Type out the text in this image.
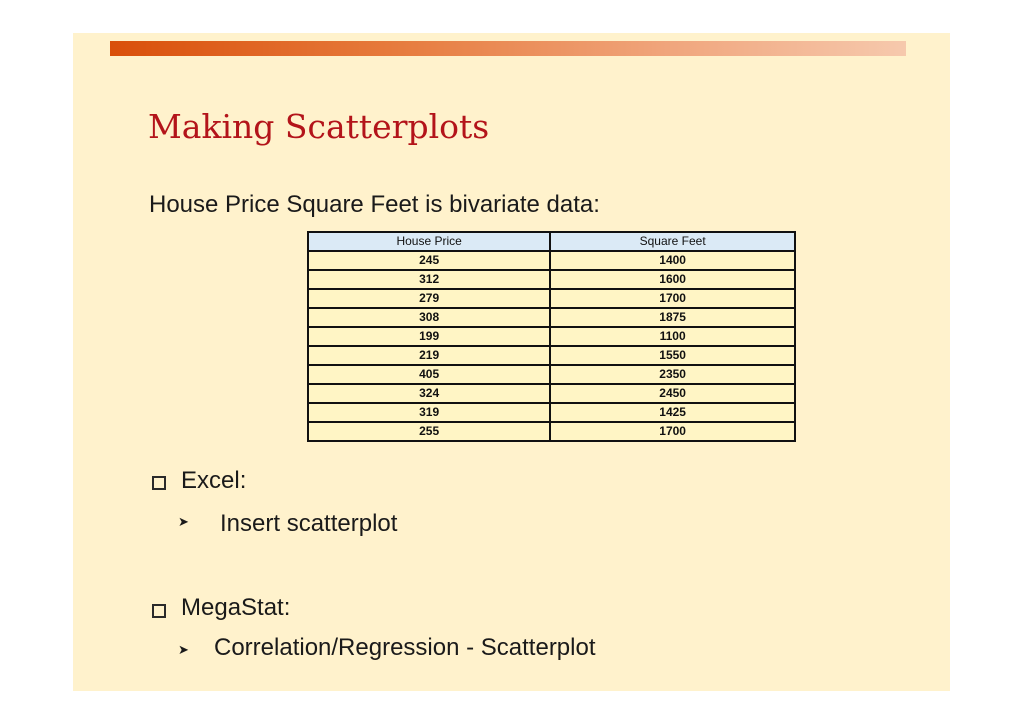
Making Scatterplots
House Price Square Feet is bivariate data:
House Price	Square Feet
245	1400
312	1600
279	1700
308	1875
199	1100
219	1550
405	2350
324	2450
319	1425
255	1700
Excel:
➤ Insert scatterplot
MegaStat:
➤ Correlation/Regression - Scatterplot
